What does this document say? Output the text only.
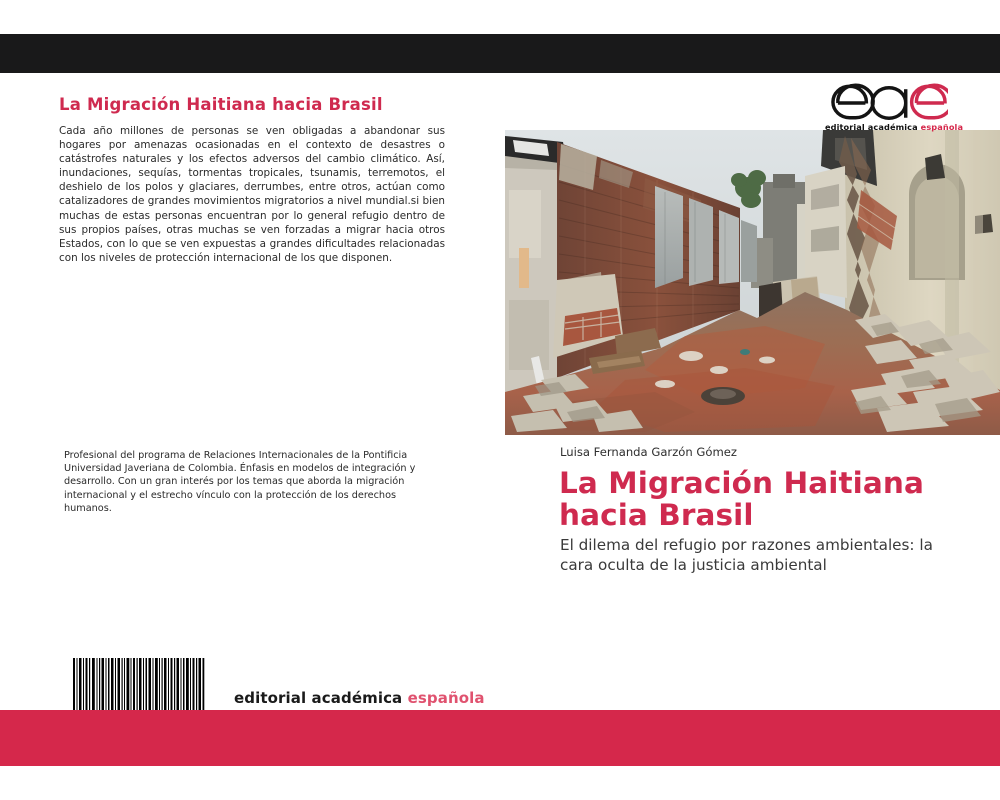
La Migración Haitiana hacia Brasil
Cada año millones de personas se ven obligadas a abandonar sus hogares por amenazas ocasionadas en el contexto de desastres o catástrofes naturales y los efectos adversos del cambio climático. Así, inundaciones, sequías, tormentas tropicales, tsunamis, terremotos, el deshielo de los polos y glaciares, derrumbes, entre otros, actúan como catalizadores de grandes movimientos migratorios a nivel mundial.si bien muchas de estas personas encuentran por lo general refugio dentro de sus propios países, otras muchas se ven forzadas a migrar hacia otros Estados, con lo que se ven expuestas a grandes dificultades relacionadas con los niveles de protección internacional de los que disponen.
Profesional del programa de Relaciones Internacionales de la Pontificia Universidad Javeriana de Colombia. Énfasis en modelos de integración y desarrollo. Con un gran interés por los temas que aborda la migración internacional y el estrecho vínculo con la protección de los derechos humanos.
editorial académica española
editorial académica española
Luisa Fernanda Garzón Gómez
La Migración Haitiana
hacia Brasil
El dilema del refugio por razones ambientales: la cara oculta de la justicia ambiental
